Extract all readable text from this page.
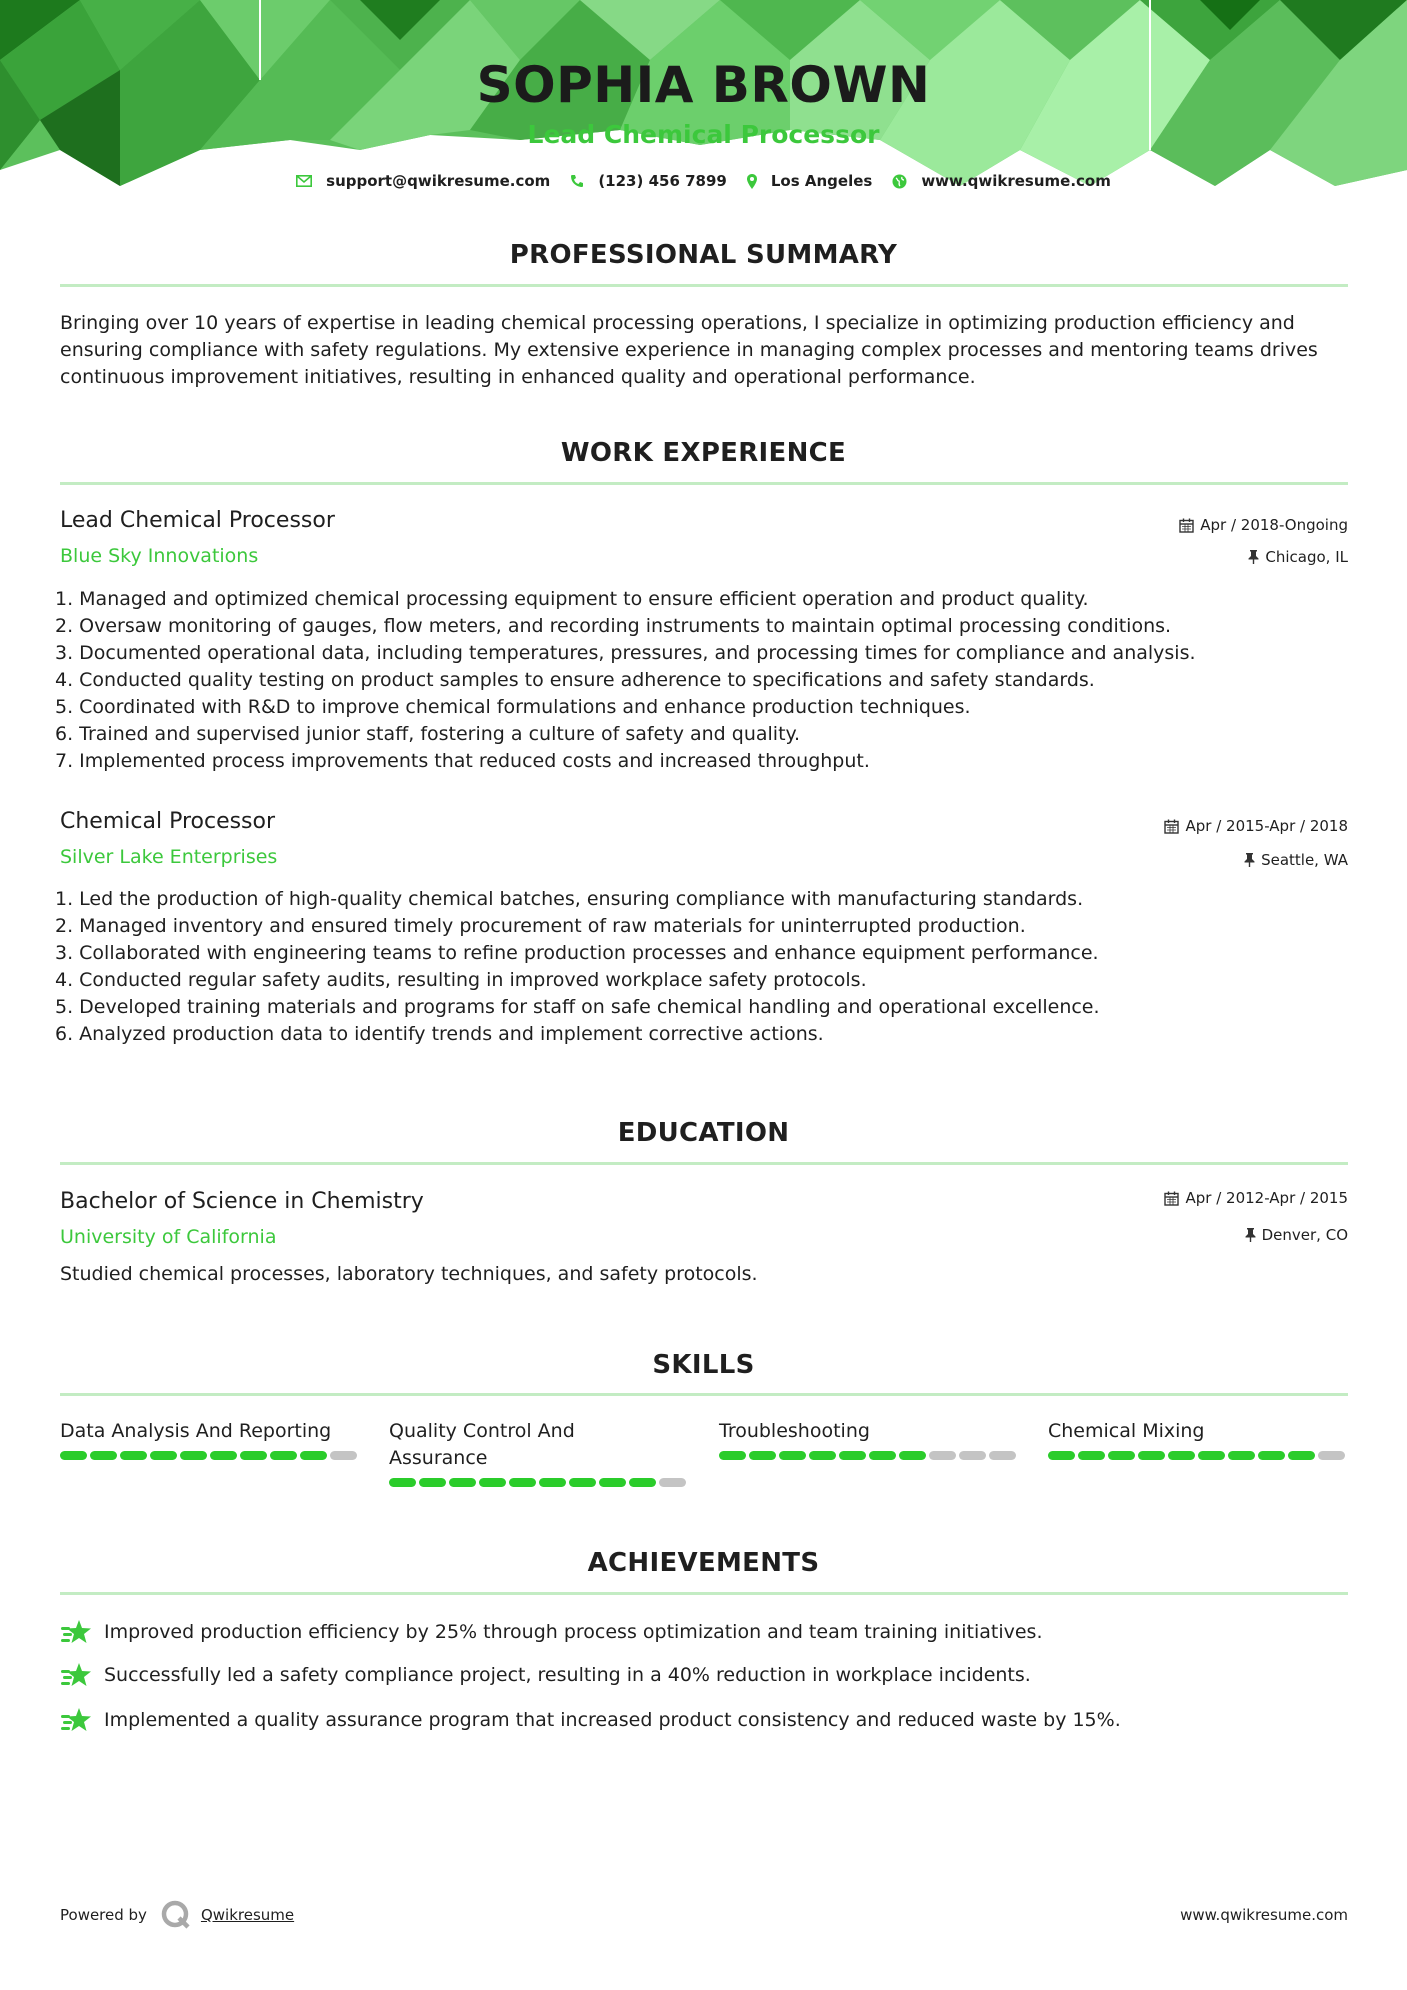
SOPHIA BROWN
Lead Chemical Processor
support@qwikresume.com	(123) 456 7899	Los Angeles	www.qwikresume.com
PROFESSIONAL SUMMARY
Bringing over 10 years of expertise in leading chemical processing operations, I specialize in optimizing production efficiency and ensuring compliance with safety regulations. My extensive experience in managing complex processes and mentoring teams drives continuous improvement initiatives, resulting in enhanced quality and operational performance.
WORK EXPERIENCE
Lead Chemical Processor
Blue Sky Innovations
Apr / 2018-Ongoing
Chicago, IL
1. Managed and optimized chemical processing equipment to ensure efficient operation and product quality.
2. Oversaw monitoring of gauges, flow meters, and recording instruments to maintain optimal processing conditions.
3. Documented operational data, including temperatures, pressures, and processing times for compliance and analysis.
4. Conducted quality testing on product samples to ensure adherence to specifications and safety standards.
5. Coordinated with R&D to improve chemical formulations and enhance production techniques.
6. Trained and supervised junior staff, fostering a culture of safety and quality.
7. Implemented process improvements that reduced costs and increased throughput.
Chemical Processor
Silver Lake Enterprises
Apr / 2015-Apr / 2018
Seattle, WA
1. Led the production of high-quality chemical batches, ensuring compliance with manufacturing standards.
2. Managed inventory and ensured timely procurement of raw materials for uninterrupted production.
3. Collaborated with engineering teams to refine production processes and enhance equipment performance.
4. Conducted regular safety audits, resulting in improved workplace safety protocols.
5. Developed training materials and programs for staff on safe chemical handling and operational excellence.
6. Analyzed production data to identify trends and implement corrective actions.
EDUCATION
Bachelor of Science in Chemistry
University of California
Apr / 2012-Apr / 2015
Denver, CO
Studied chemical processes, laboratory techniques, and safety protocols.
SKILLS
Data Analysis And Reporting	Quality Control And Assurance
Troubleshooting	Chemical Mixing
ACHIEVEMENTS
Improved production efficiency by 25% through process optimization and team training initiatives.
Successfully led a safety compliance project, resulting in a 40% reduction in workplace incidents.
Implemented a quality assurance program that increased product consistency and reduced waste by 15%.
Powered by	Qwikresume	www.qwikresume.com
